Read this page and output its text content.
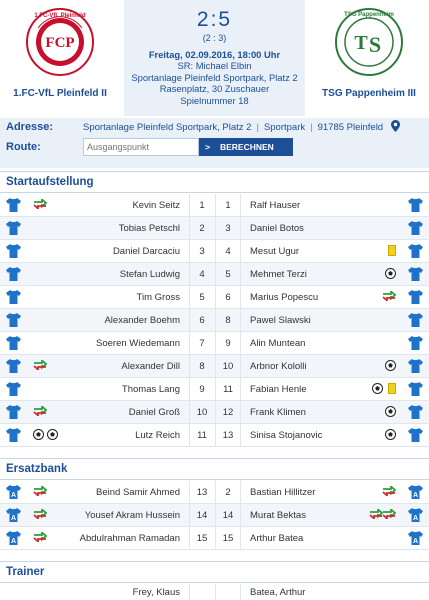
FCP
1.FC-VfL Pleinfeld
1.FC-VfL Pleinfeld II
2:5
(2 : 3)
Freitag, 02.09.2016, 18:00 Uhr
SR: Michael Elbin
Sportanlage Pleinfeld Sportpark, Platz 2
Rasenplatz, 30 Zuschauer
Spielnummer 18
T S
TSG Pappenheim
TSG Pappenheim III
Adresse:	Sportanlage Pleinfeld Sportpark, Platz 2 | Sportpark | 91785 Pleinfeld
Route:
Ausgangspunkt	> BERECHNEN
Startaufstellung
Kevin Seitz	1	1	Ralf Hauser
Tobias Petschl	2	3	Daniel Botos
Daniel Darcaciu	3	4	Mesut Ugur
Stefan Ludwig	4	5	Mehmet Terzi
Tim Gross	5	6	Marius Popescu
Alexander Boehm	6	8	Pawel Slawski
Soeren Wiedemann	7	9	Alin Muntean
Alexander Dill	8	10	Arbnor Kololli
Thomas Lang	9	11	Fabian Henle
Daniel Groß	10	12	Frank Klimen
Lutz Reich	11	13	Sinisa Stojanovic
Ersatzbank
A	Beind Samir Ahmed	13	2	Bastian Hillitzer	A
A	Yousef Akram Hussein	14	14	Murat Bektas	A
A	Abdulrahman Ramadan	15	15	Arthur Batea	A
Trainer
Frey, Klaus	Batea, Arthur
